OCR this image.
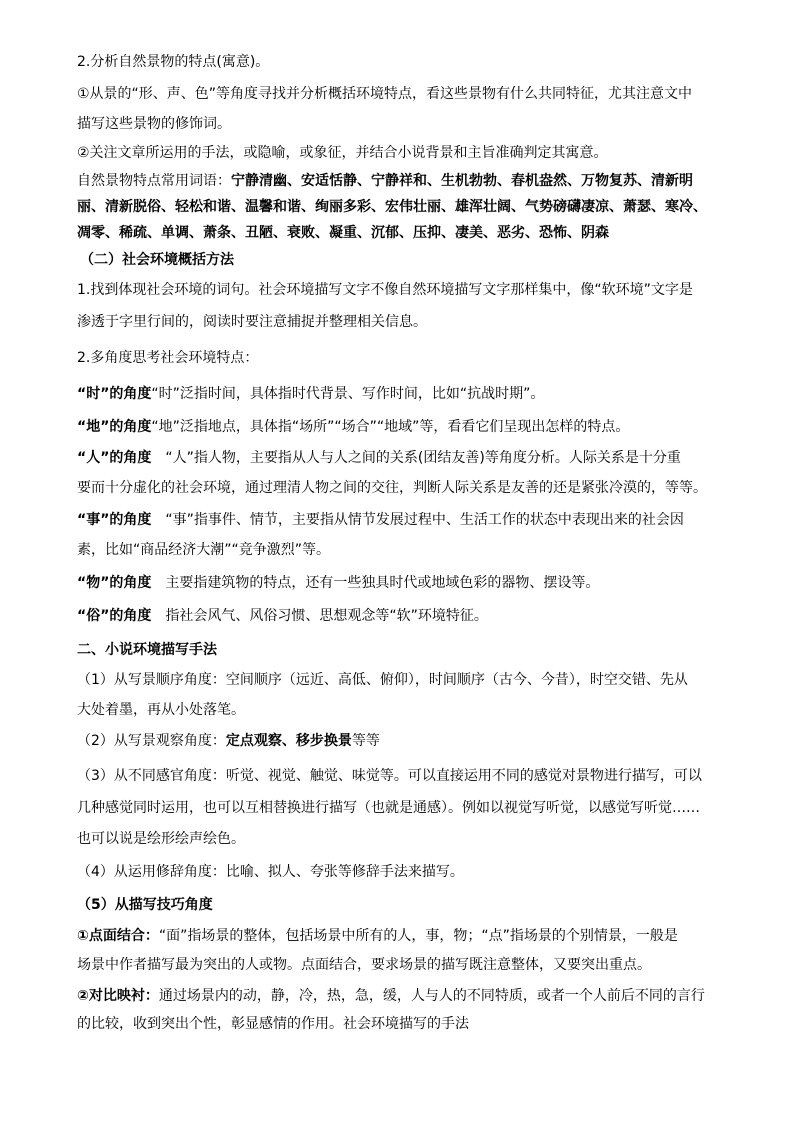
2.分析自然景物的特点(寓意)。
①从景的“形、声、色”等角度寻找并分析概括环境特点，看这些景物有什么共同特征，尤其注意文中
描写这些景物的修饰词。
②关注文章所运用的手法，或隐喻，或象征，并结合小说背景和主旨准确判定其寓意。
自然景物特点常用词语：宁静清幽、安适恬静、宁静祥和、生机勃勃、春机盎然、万物复苏、清新明
丽、清新脱俗、轻松和谐、温馨和谐、绚丽多彩、宏伟壮丽、雄浑壮阔、气势磅礴凄凉、萧瑟、寒冷、
凋零、稀疏、单调、萧条、丑陋、衰败、凝重、沉郁、压抑、凄美、恶劣、恐怖、阴森
（二）社会环境概括方法
1.找到体现社会环境的词句。社会环境描写文字不像自然环境描写文字那样集中，像“软环境”文字是
渗透于字里行间的，阅读时要注意捕捉并整理相关信息。
2.多角度思考社会环境特点：
“时”的角度“时”泛指时间，具体指时代背景、写作时间，比如“抗战时期”。
“地”的角度“地”泛指地点，具体指“场所”“场合”“地域”等，看看它们呈现出怎样的特点。
“人”的角度　“人”指人物，主要指从人与人之间的关系(团结友善)等角度分析。人际关系是十分重
要而十分虚化的社会环境，通过理清人物之间的交往，判断人际关系是友善的还是紧张冷漠的，等等。
“事”的角度　“事”指事件、情节，主要指从情节发展过程中、生活工作的状态中表现出来的社会因
素，比如“商品经济大潮”“竞争激烈”等。
“物”的角度　主要指建筑物的特点，还有一些独具时代或地域色彩的器物、摆设等。
“俗”的角度　指社会风气、风俗习惯、思想观念等“软”环境特征。
二、小说环境描写手法
（1）从写景顺序角度：空间顺序（远近、高低、俯仰），时间顺序（古今、今昔），时空交错、先从
大处着墨，再从小处落笔。
（2）从写景观察角度：定点观察、移步换景等等
（3）从不同感官角度：听觉、视觉、触觉、味觉等。可以直接运用不同的感觉对景物进行描写，可以
几种感觉同时运用，也可以互相替换进行描写（也就是通感）。例如以视觉写听觉，以感觉写听觉……
也可以说是绘形绘声绘色。
（4）从运用修辞角度：比喻、拟人、夸张等修辞手法来描写。
（5）从描写技巧角度
①点面结合：“面”指场景的整体，包括场景中所有的人，事，物；“点”指场景的个别情景，一般是
场景中作者描写最为突出的人或物。点面结合，要求场景的描写既注意整体，又要突出重点。
②对比映衬：通过场景内的动，静，冷，热，急，缓，人与人的不同特质，或者一个人前后不同的言行
的比较，收到突出个性，彰显感情的作用。社会环境描写的手法
